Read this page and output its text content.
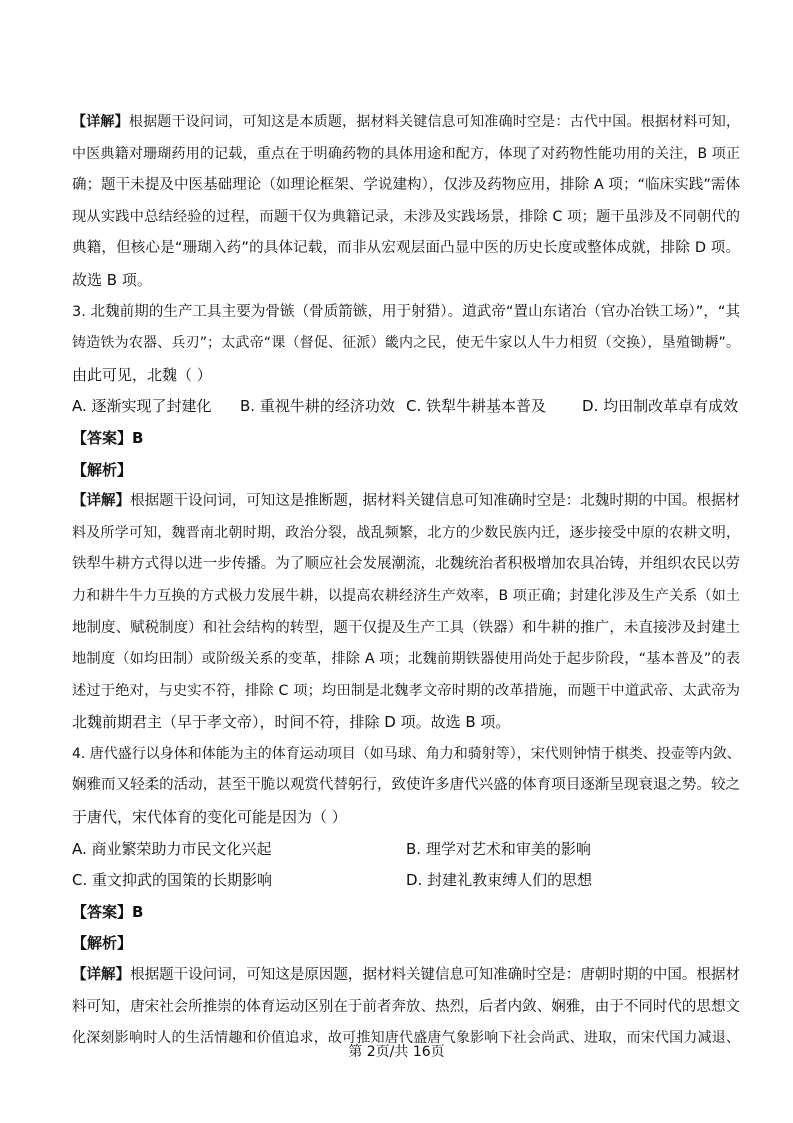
【详解】根据题干设问词，可知这是本质题，据材料关键信息可知准确时空是：古代中国。根据材料可知，
中医典籍对珊瑚药用的记载，重点在于明确药物的具体用途和配方，体现了对药物性能功用的关注，B 项正
确；题干未提及中医基础理论（如理论框架、学说建构），仅涉及药物应用，排除 A 项；“临床实践”需体
现从实践中总结经验的过程，而题干仅为典籍记录，未涉及实践场景，排除 C 项；题干虽涉及不同朝代的
典籍，但核心是“珊瑚入药”的具体记载，而非从宏观层面凸显中医的历史长度或整体成就，排除 D 项。
故选 B 项。
3. 北魏前期的生产工具主要为骨镞（骨质箭镞，用于射猎）。道武帝“置山东诸冶（官办冶铁工场）”，“其
铸造铁为农器、兵刃”；太武帝“课（督促、征派）畿内之民，使无牛家以人牛力相贸（交换），垦殖锄耨”。
由此可见，北魏（ ）
A. 逐渐实现了封建化	B. 重视牛耕的经济功效 C. 铁犁牛耕基本普及	D. 均田制改革卓有成效
【答案】B
【解析】
【详解】根据题干设问词，可知这是推断题，据材料关键信息可知准确时空是：北魏时期的中国。根据材
料及所学可知，魏晋南北朝时期，政治分裂，战乱频繁，北方的少数民族内迁，逐步接受中原的农耕文明，
铁犁牛耕方式得以进一步传播。为了顺应社会发展潮流，北魏统治者积极增加农具冶铸，并组织农民以劳
力和耕牛牛力互换的方式极力发展牛耕，以提高农耕经济生产效率，B 项正确；封建化涉及生产关系（如土
地制度、赋税制度）和社会结构的转型，题干仅提及生产工具（铁器）和牛耕的推广，未直接涉及封建土
地制度（如均田制）或阶级关系的变革，排除 A 项；北魏前期铁器使用尚处于起步阶段，“基本普及”的表
述过于绝对，与史实不符，排除 C 项；均田制是北魏孝文帝时期的改革措施，而题干中道武帝、太武帝为
北魏前期君主（早于孝文帝），时间不符，排除 D 项。故选 B 项。
4. 唐代盛行以身体和体能为主的体育运动项目（如马球、角力和骑射等），宋代则钟情于棋类、投壶等内敛、
娴雅而又轻柔的活动，甚至干脆以观赏代替躬行，致使许多唐代兴盛的体育项目逐渐呈现衰退之势。较之
于唐代，宋代体育的变化可能是因为（ ）
A. 商业繁荣助力市民文化兴起	B. 理学对艺术和审美的影响
C. 重文抑武的国策的长期影响	D. 封建礼教束缚人们的思想
【答案】B
【解析】
【详解】根据题干设问词，可知这是原因题，据材料关键信息可知准确时空是：唐朝时期的中国。根据材
料可知，唐宋社会所推崇的体育运动区别在于前者奔放、热烈，后者内敛、娴雅，由于不同时代的思想文
化深刻影响时人的生活情趣和价值追求，故可推知唐代盛唐气象影响下社会尚武、进取，而宋代国力减退、
第 2页/共 16页
